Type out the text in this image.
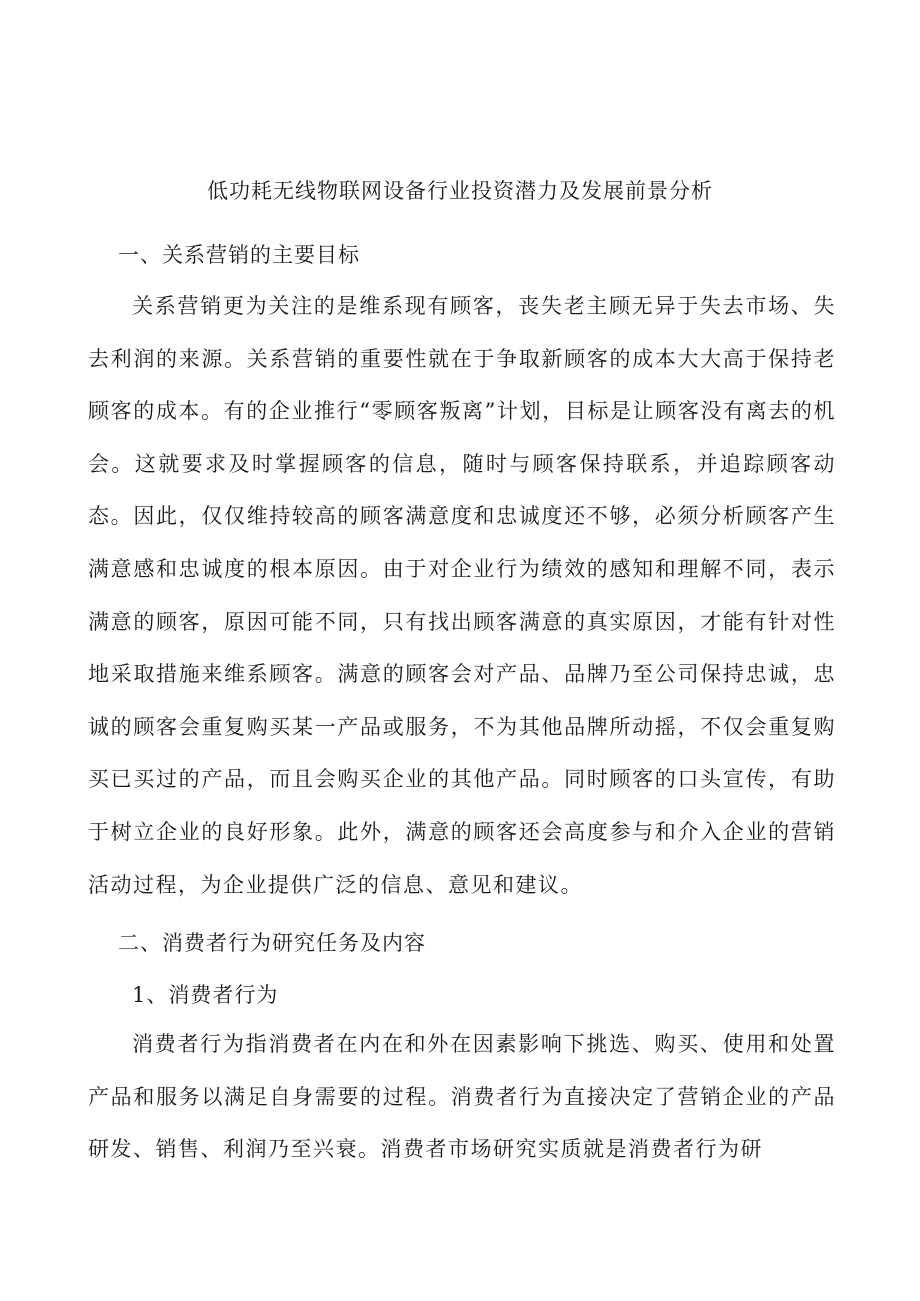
低功耗无线物联网设备行业投资潜力及发展前景分析
一、关系营销的主要目标

关系营销更为关注的是维系现有顾客，丧失老主顾无异于失去市场、失去利润的来源。关系营销的重要性就在于争取新顾客的成本大大高于保持老顾客的成本。有的企业推行“零顾客叛离”计划，目标是让顾客没有离去的机会。这就要求及时掌握顾客的信息，随时与顾客保持联系，并追踪顾客动态。因此，仅仅维持较高的顾客满意度和忠诚度还不够，必须分析顾客产生满意感和忠诚度的根本原因。由于对企业行为绩效的感知和理解不同，表示满意的顾客，原因可能不同，只有找出顾客满意的真实原因，才能有针对性地采取措施来维系顾客。满意的顾客会对产品、品牌乃至公司保持忠诚，忠诚的顾客会重复购买某一产品或服务，不为其他品牌所动摇，不仅会重复购买已买过的产品，而且会购买企业的其他产品。同时顾客的口头宣传，有助于树立企业的良好形象。此外，满意的顾客还会高度参与和介入企业的营销活动过程，为企业提供广泛的信息、意见和建议。

二、消费者行为研究任务及内容
1、消费者行为

消费者行为指消费者在内在和外在因素影响下挑选、购买、使用和处置产品和服务以满足自身需要的过程。消费者行为直接决定了营销企业的产品研发、销售、利润乃至兴衰。消费者市场研究实质就是消费者行为研
